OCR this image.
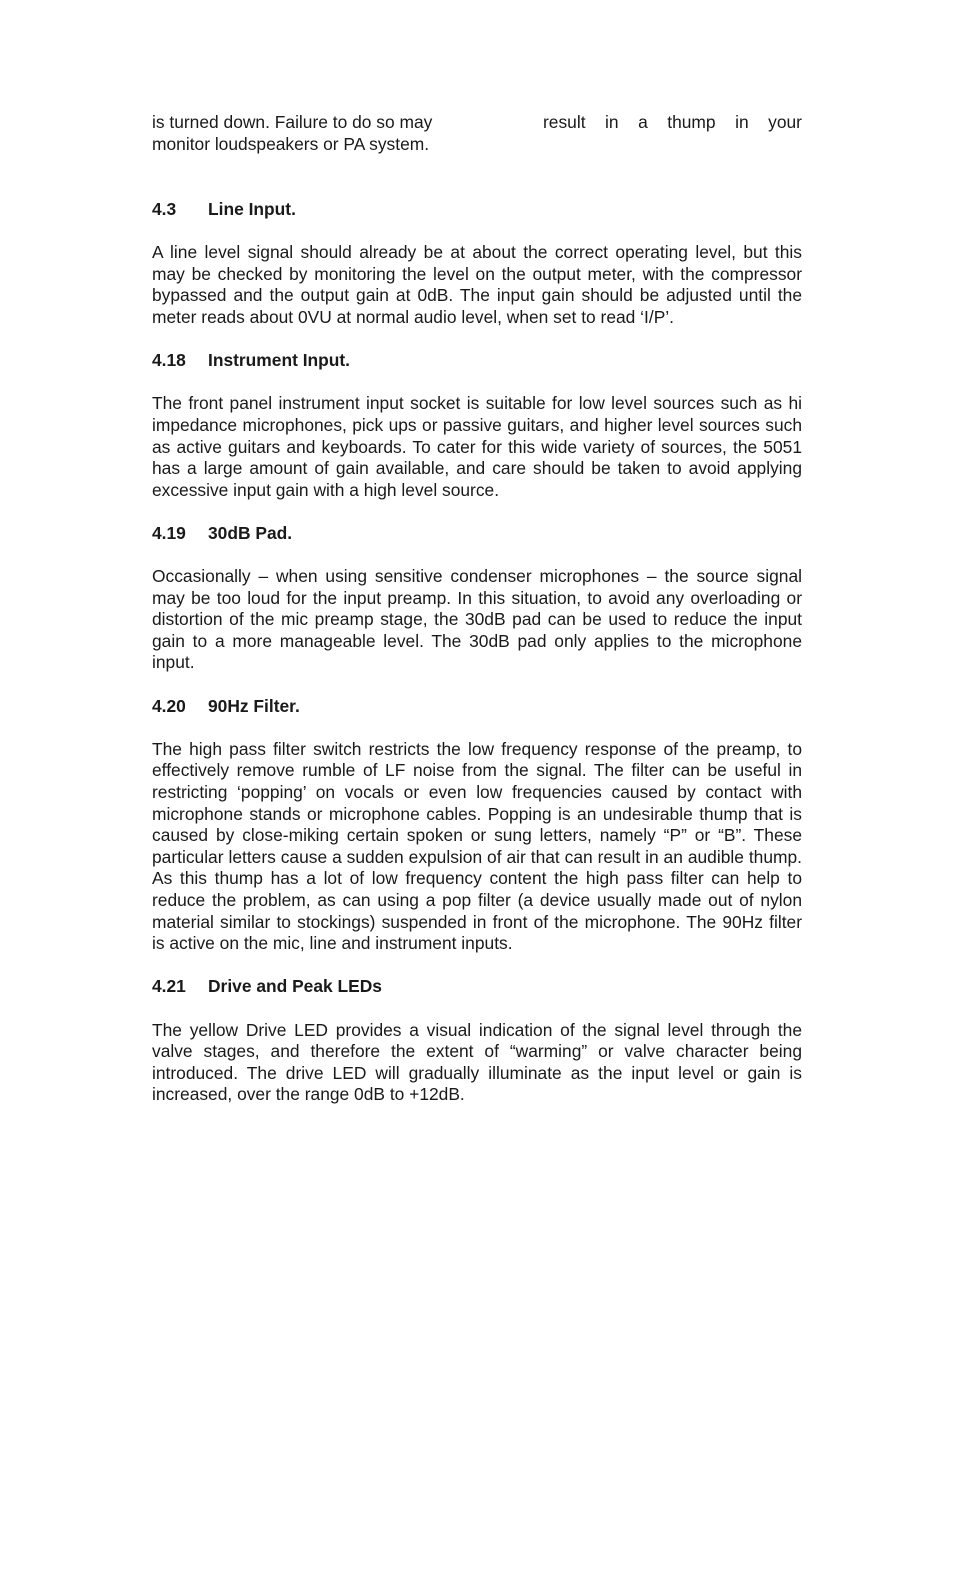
is turned down. Failure to do so may
monitor loudspeakers or PA system.
result in a thump in your
4.3	Line Input.

A line level signal should already be at about the correct operating level, but this may be checked by monitoring the level on the output meter, with the compressor bypassed and the output gain at 0dB. The input gain should be adjusted until the meter reads about 0VU at normal audio level, when set to read ‘I/P’.

4.18	Instrument Input.

The front panel instrument input socket is suitable for low level sources such as hi impedance microphones, pick ups or passive guitars, and higher level sources such as active guitars and keyboards. To cater for this wide variety of sources, the 5051 has a large amount of gain available, and care should be taken to avoid applying excessive input gain with a high level source.

4.19	30dB Pad.

Occasionally – when using sensitive condenser microphones – the source signal may be too loud for the input preamp. In this situation, to avoid any overloading or distortion of the mic preamp stage, the 30dB pad can be used to reduce the input gain to a more manageable level. The 30dB pad only applies to the microphone input.

4.20	90Hz Filter.

The high pass filter switch restricts the low frequency response of the preamp, to effectively remove rumble of LF noise from the signal. The filter can be useful in restricting ‘popping’ on vocals or even low frequencies caused by contact with microphone stands or microphone cables. Popping is an undesirable thump that is caused by close-miking certain spoken or sung letters, namely “P” or “B”. These particular letters cause a sudden expulsion of air that can result in an audible thump. As this thump has a lot of low frequency content the high pass filter can help to reduce the problem, as can using a pop filter (a device usually made out of nylon material similar to stockings) suspended in front of the microphone. The 90Hz filter is active on the mic, line and instrument inputs.

4.21	Drive and Peak LEDs

The yellow Drive LED provides a visual indication of the signal level through the valve stages, and therefore the extent of “warming” or valve character being introduced. The drive LED will gradually illuminate as the input level or gain is increased, over the range 0dB to +12dB.
